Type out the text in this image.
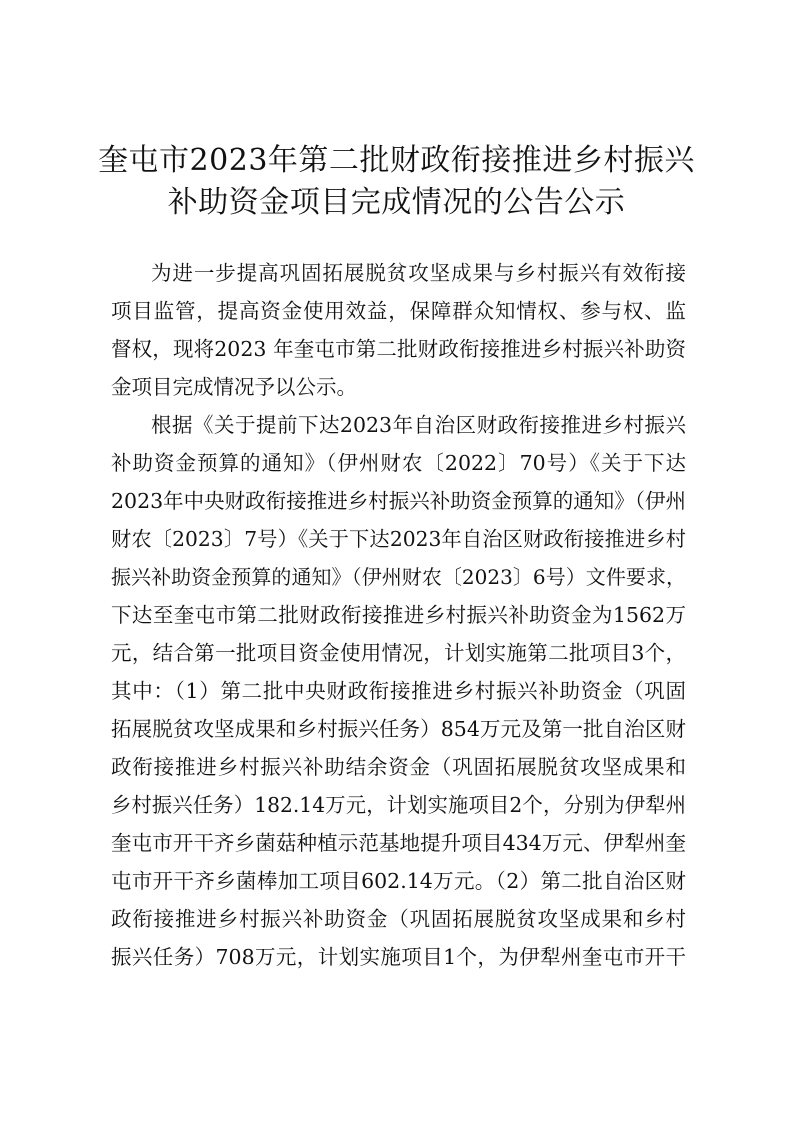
奎屯市2023年第二批财政衔接推进乡村振兴
补助资金项目完成情况的公告公示
为进一步提高巩固拓展脱贫攻坚成果与乡村振兴有效衔接
项目监管，提高资金使用效益，保障群众知情权、参与权、监
督权，现将2023 年奎屯市第二批财政衔接推进乡村振兴补助资
金项目完成情况予以公示。
根据《关于提前下达2023年自治区财政衔接推进乡村振兴
补助资金预算的通知》（伊州财农〔2022〕70号）《关于下达
2023年中央财政衔接推进乡村振兴补助资金预算的通知》（伊州
财农〔2023〕7号）《关于下达2023年自治区财政衔接推进乡村
振兴补助资金预算的通知》（伊州财农〔2023〕6号）文件要求，
下达至奎屯市第二批财政衔接推进乡村振兴补助资金为1562万
元，结合第一批项目资金使用情况，计划实施第二批项目3个，
其中：（1）第二批中央财政衔接推进乡村振兴补助资金（巩固
拓展脱贫攻坚成果和乡村振兴任务）854万元及第一批自治区财
政衔接推进乡村振兴补助结余资金（巩固拓展脱贫攻坚成果和
乡村振兴任务）182.14万元，计划实施项目2个，分别为伊犁州
奎屯市开干齐乡菌菇种植示范基地提升项目434万元、伊犁州奎
屯市开干齐乡菌棒加工项目602.14万元。（2）第二批自治区财
政衔接推进乡村振兴补助资金（巩固拓展脱贫攻坚成果和乡村
振兴任务）708万元，计划实施项目1个，为伊犁州奎屯市开干
